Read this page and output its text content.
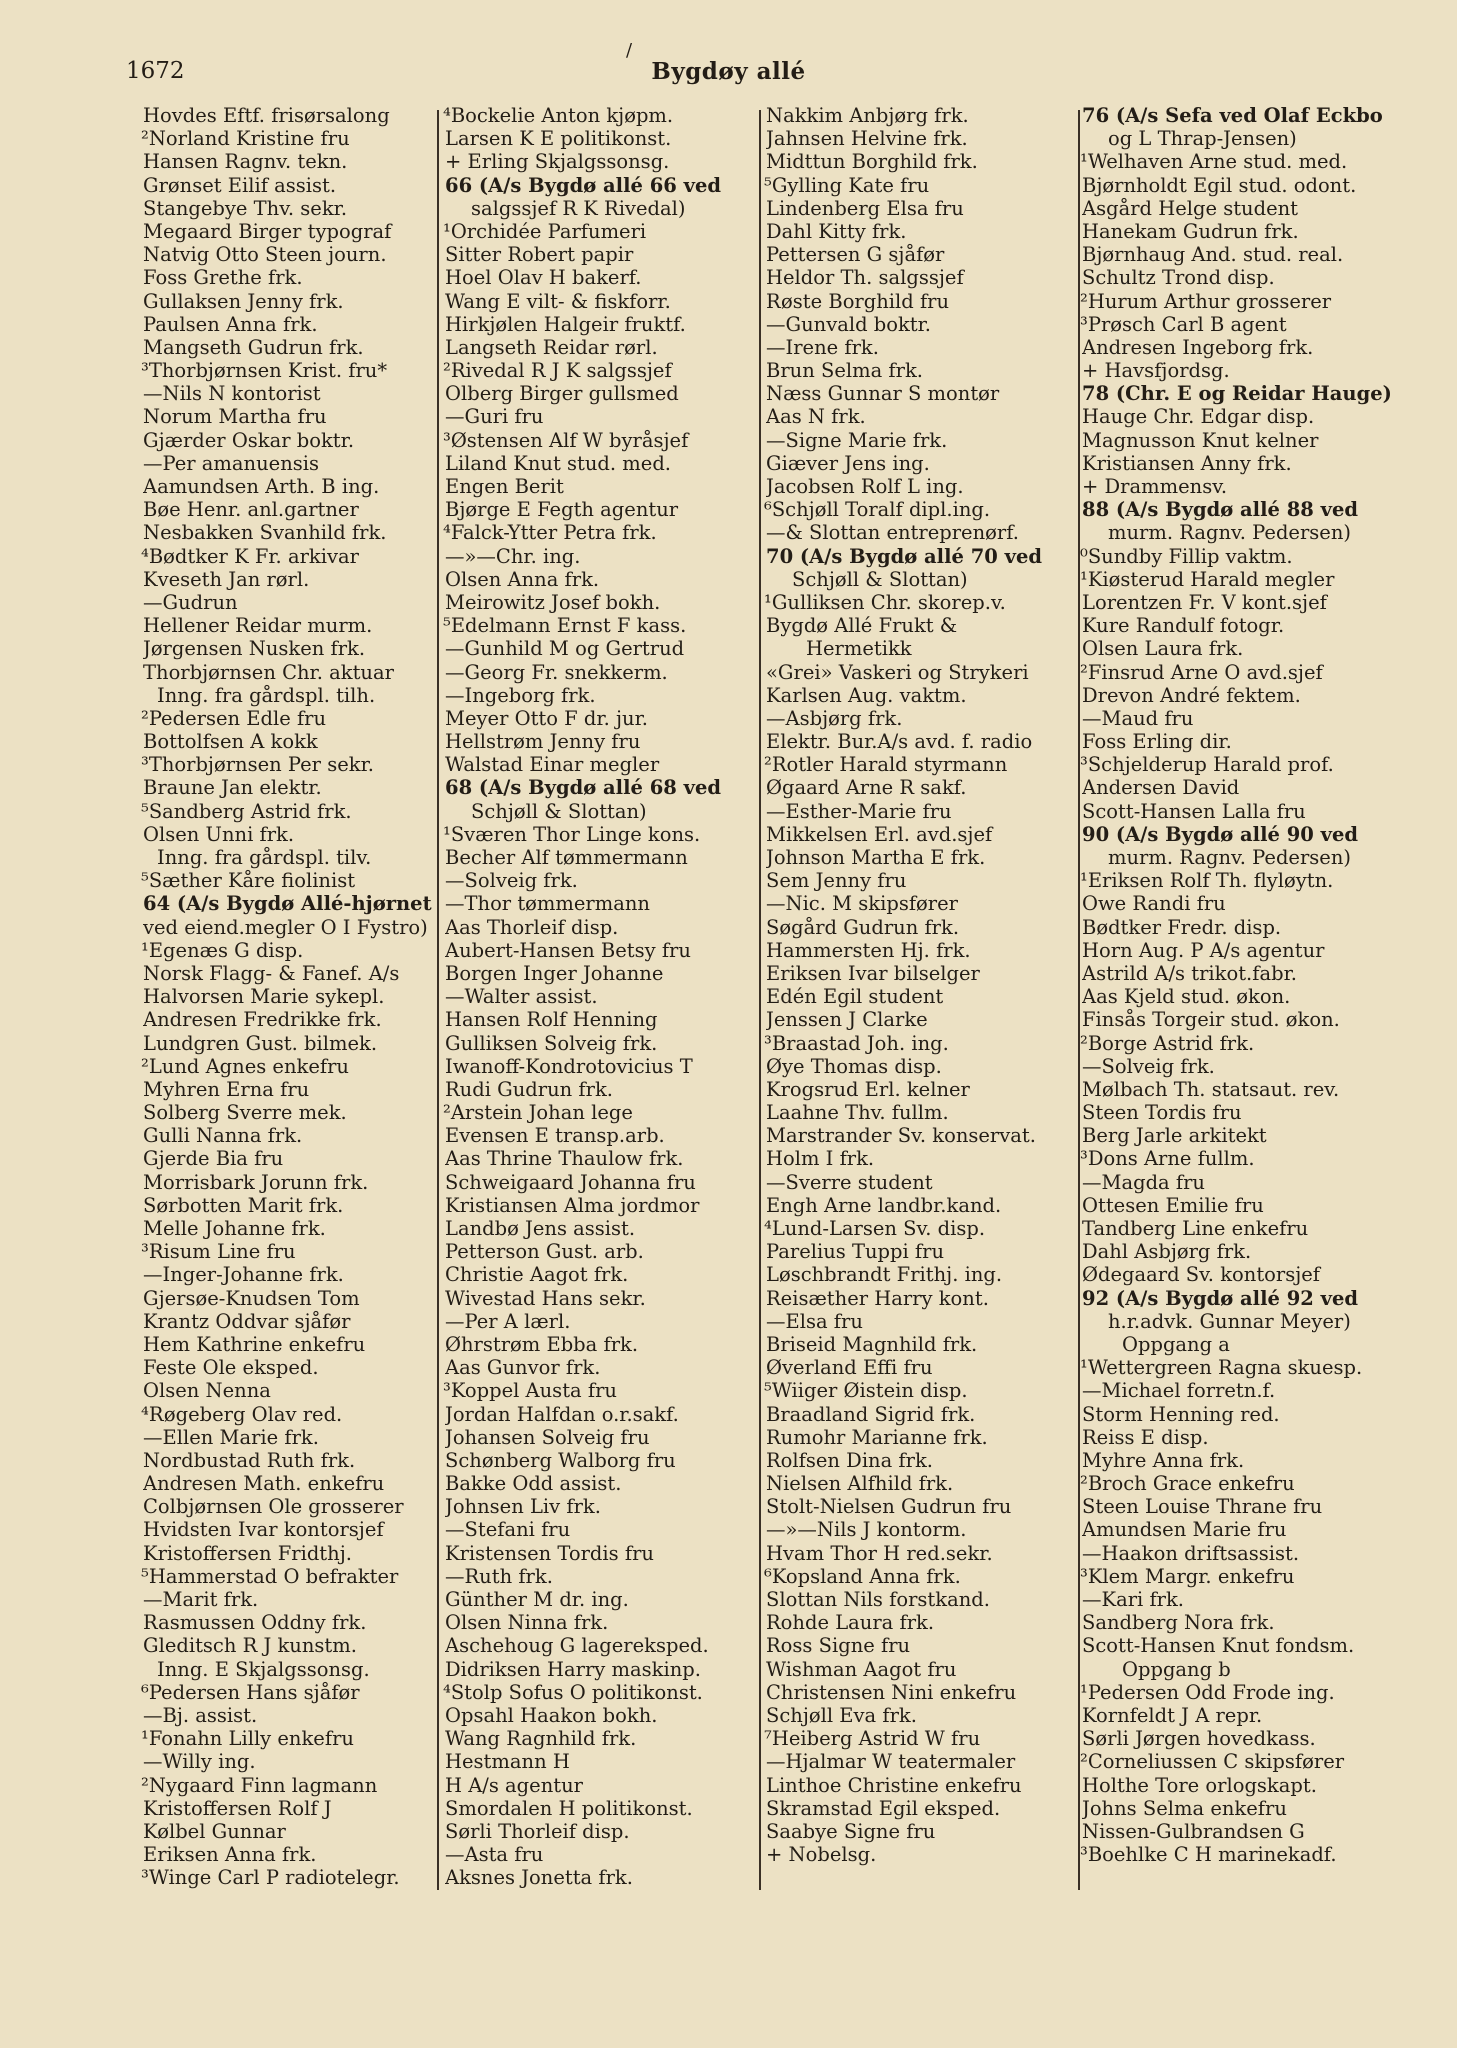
/
1672	Bygdøy allé
Hovdes Eftf. frisørsalong
²Norland Kristine fru
Hansen Ragnv. tekn.
Grønset Eilif assist.
Stangebye Thv. sekr.
Megaard Birger typograf
Natvig Otto Steen journ.
Foss Grethe frk.
Gullaksen Jenny frk.
Paulsen Anna frk.
Mangseth Gudrun frk.
³Thorbjørnsen Krist. fru*
—Nils N kontorist
Norum Martha fru
Gjærder Oskar boktr.
—Per amanuensis
Aamundsen Arth. B ing.
Bøe Henr. anl.gartner
Nesbakken Svanhild frk.
⁴Bødtker K Fr. arkivar
Kveseth Jan rørl.
—Gudrun
Hellener Reidar murm.
Jørgensen Nusken frk.
Thorbjørnsen Chr. aktuar
Inng. fra gårdspl. tilh.
²Pedersen Edle fru
Bottolfsen A kokk
³Thorbjørnsen Per sekr.
Braune Jan elektr.
⁵Sandberg Astrid frk.
Olsen Unni frk.
Inng. fra gårdspl. tilv.
⁵Sæther Kåre fiolinist
64 (A/s Bygdø Allé-hjørnet
ved eiend.megler O I Fystro)
¹Egenæs G disp.
Norsk Flagg- & Fanef. A/s
Halvorsen Marie sykepl.
Andresen Fredrikke frk.
Lundgren Gust. bilmek.
²Lund Agnes enkefru
Myhren Erna fru
Solberg Sverre mek.
Gulli Nanna frk.
Gjerde Bia fru
Morrisbark Jorunn frk.
Sørbotten Marit frk.
Melle Johanne frk.
³Risum Line fru
—Inger-Johanne frk.
Gjersøe-Knudsen Tom
Krantz Oddvar sjåfør
Hem Kathrine enkefru
Feste Ole eksped.
Olsen Nenna
⁴Røgeberg Olav red.
—Ellen Marie frk.
Nordbustad Ruth frk.
Andresen Math. enkefru
Colbjørnsen Ole grosserer
Hvidsten Ivar kontorsjef
Kristoffersen Fridthj.
⁵Hammerstad O befrakter
—Marit frk.
Rasmussen Oddny frk.
Gleditsch R J kunstm.
Inng. E Skjalgssonsg.
⁶Pedersen Hans sjåfør
—Bj. assist.
¹Fonahn Lilly enkefru
—Willy ing.
²Nygaard Finn lagmann
Kristoffersen Rolf J
Kølbel Gunnar
Eriksen Anna frk.
³Winge Carl P radiotelegr.
⁴Bockelie Anton kjøpm.
Larsen K E politikonst.
+ Erling Skjalgssonsg.
66 (A/s Bygdø allé 66 ved
salgssjef R K Rivedal)
¹Orchidée Parfumeri
Sitter Robert papir
Hoel Olav H bakerf.
Wang E vilt- & fiskforr.
Hirkjølen Halgeir fruktf.
Langseth Reidar rørl.
²Rivedal R J K salgssjef
Olberg Birger gullsmed
—Guri fru
³Østensen Alf W byråsjef
Liland Knut stud. med.
Engen Berit
Bjørge E Fegth agentur
⁴Falck-Ytter Petra frk.
—»—Chr. ing.
Olsen Anna frk.
Meirowitz Josef bokh.
⁵Edelmann Ernst F kass.
—Gunhild M og Gertrud
—Georg Fr. snekkerm.
—Ingeborg frk.
Meyer Otto F dr. jur.
Hellstrøm Jenny fru
Walstad Einar megler
68 (A/s Bygdø allé 68 ved
Schjøll & Slottan)
¹Sværen Thor Linge kons.
Becher Alf tømmermann
—Solveig frk.
—Thor tømmermann
Aas Thorleif disp.
Aubert-Hansen Betsy fru
Borgen Inger Johanne
—Walter assist.
Hansen Rolf Henning
Gulliksen Solveig frk.
Iwanoff-Kondrotovicius T
Rudi Gudrun frk.
²Arstein Johan lege
Evensen E transp.arb.
Aas Thrine Thaulow frk.
Schweigaard Johanna fru
Kristiansen Alma jordmor
Landbø Jens assist.
Petterson Gust. arb.
Christie Aagot frk.
Wivestad Hans sekr.
—Per A lærl.
Øhrstrøm Ebba frk.
Aas Gunvor frk.
³Koppel Austa fru
Jordan Halfdan o.r.sakf.
Johansen Solveig fru
Schønberg Walborg fru
Bakke Odd assist.
Johnsen Liv frk.
—Stefani fru
Kristensen Tordis fru
—Ruth frk.
Günther M dr. ing.
Olsen Ninna frk.
Aschehoug G lagereksped.
Didriksen Harry maskinp.
⁴Stolp Sofus O politikonst.
Opsahl Haakon bokh.
Wang Ragnhild frk.
Hestmann H
H A/s agentur
Smordalen H politikonst.
Sørli Thorleif disp.
—Asta fru
Aksnes Jonetta frk.
Nakkim Anbjørg frk.
Jahnsen Helvine frk.
Midttun Borghild frk.
⁵Gylling Kate fru
Lindenberg Elsa fru
Dahl Kitty frk.
Pettersen G sjåfør
Heldor Th. salgssjef
Røste Borghild fru
—Gunvald boktr.
—Irene frk.
Brun Selma frk.
Næss Gunnar S montør
Aas N frk.
—Signe Marie frk.
Giæver Jens ing.
Jacobsen Rolf L ing.
⁶Schjøll Toralf dipl.ing.
—& Slottan entreprenørf.
70 (A/s Bygdø allé 70 ved
Schjøll & Slottan)
¹Gulliksen Chr. skorep.v.
Bygdø Allé Frukt &
Hermetikk
«Grei» Vaskeri og Strykeri
Karlsen Aug. vaktm.
—Asbjørg frk.
Elektr. Bur.A/s avd. f. radio
²Rotler Harald styrmann
Øgaard Arne R sakf.
—Esther-Marie fru
Mikkelsen Erl. avd.sjef
Johnson Martha E frk.
Sem Jenny fru
—Nic. M skipsfører
Søgård Gudrun frk.
Hammersten Hj. frk.
Eriksen Ivar bilselger
Edén Egil student
Jenssen J Clarke
³Braastad Joh. ing.
Øye Thomas disp.
Krogsrud Erl. kelner
Laahne Thv. fullm.
Marstrander Sv. konservat.
Holm I frk.
—Sverre student
Engh Arne landbr.kand.
⁴Lund-Larsen Sv. disp.
Parelius Tuppi fru
Løschbrandt Frithj. ing.
Reisæther Harry kont.
—Elsa fru
Briseid Magnhild frk.
Øverland Effi fru
⁵Wiiger Øistein disp.
Braadland Sigrid frk.
Rumohr Marianne frk.
Rolfsen Dina frk.
Nielsen Alfhild frk.
Stolt-Nielsen Gudrun fru
—»—Nils J kontorm.
Hvam Thor H red.sekr.
⁶Kopsland Anna frk.
Slottan Nils forstkand.
Rohde Laura frk.
Ross Signe fru
Wishman Aagot fru
Christensen Nini enkefru
Schjøll Eva frk.
⁷Heiberg Astrid W fru
—Hjalmar W teatermaler
Linthoe Christine enkefru
Skramstad Egil eksped.
Saabye Signe fru
+ Nobelsg.
76 (A/s Sefa ved Olaf Eckbo
og L Thrap-Jensen)
¹Welhaven Arne stud. med.
Bjørnholdt Egil stud. odont.
Asgård Helge student
Hanekam Gudrun frk.
Bjørnhaug And. stud. real.
Schultz Trond disp.
²Hurum Arthur grosserer
³Prøsch Carl B agent
Andresen Ingeborg frk.
+ Havsfjordsg.
78 (Chr. E og Reidar Hauge)
Hauge Chr. Edgar disp.
Magnusson Knut kelner
Kristiansen Anny frk.
+ Drammensv.
88 (A/s Bygdø allé 88 ved
murm. Ragnv. Pedersen)
⁰Sundby Fillip vaktm.
¹Kiøsterud Harald megler
Lorentzen Fr. V kont.sjef
Kure Randulf fotogr.
Olsen Laura frk.
²Finsrud Arne O avd.sjef
Drevon André fektem.
—Maud fru
Foss Erling dir.
³Schjelderup Harald prof.
Andersen David
Scott-Hansen Lalla fru
90 (A/s Bygdø allé 90 ved
murm. Ragnv. Pedersen)
¹Eriksen Rolf Th. flyløytn.
Owe Randi fru
Bødtker Fredr. disp.
Horn Aug. P A/s agentur
Astrild A/s trikot.fabr.
Aas Kjeld stud. økon.
Finsås Torgeir stud. økon.
²Borge Astrid frk.
—Solveig frk.
Mølbach Th. statsaut. rev.
Steen Tordis fru
Berg Jarle arkitekt
³Dons Arne fullm.
—Magda fru
Ottesen Emilie fru
Tandberg Line enkefru
Dahl Asbjørg frk.
Ødegaard Sv. kontorsjef
92 (A/s Bygdø allé 92 ved
h.r.advk. Gunnar Meyer)
Oppgang a
¹Wettergreen Ragna skuesp.
—Michael forretn.f.
Storm Henning red.
Reiss E disp.
Myhre Anna frk.
²Broch Grace enkefru
Steen Louise Thrane fru
Amundsen Marie fru
—Haakon driftsassist.
³Klem Margr. enkefru
—Kari frk.
Sandberg Nora frk.
Scott-Hansen Knut fondsm.
Oppgang b
¹Pedersen Odd Frode ing.
Kornfeldt J A repr.
Sørli Jørgen hovedkass.
²Corneliussen C skipsfører
Holthe Tore orlogskapt.
Johns Selma enkefru
Nissen-Gulbrandsen G
³Boehlke C H marinekadf.
